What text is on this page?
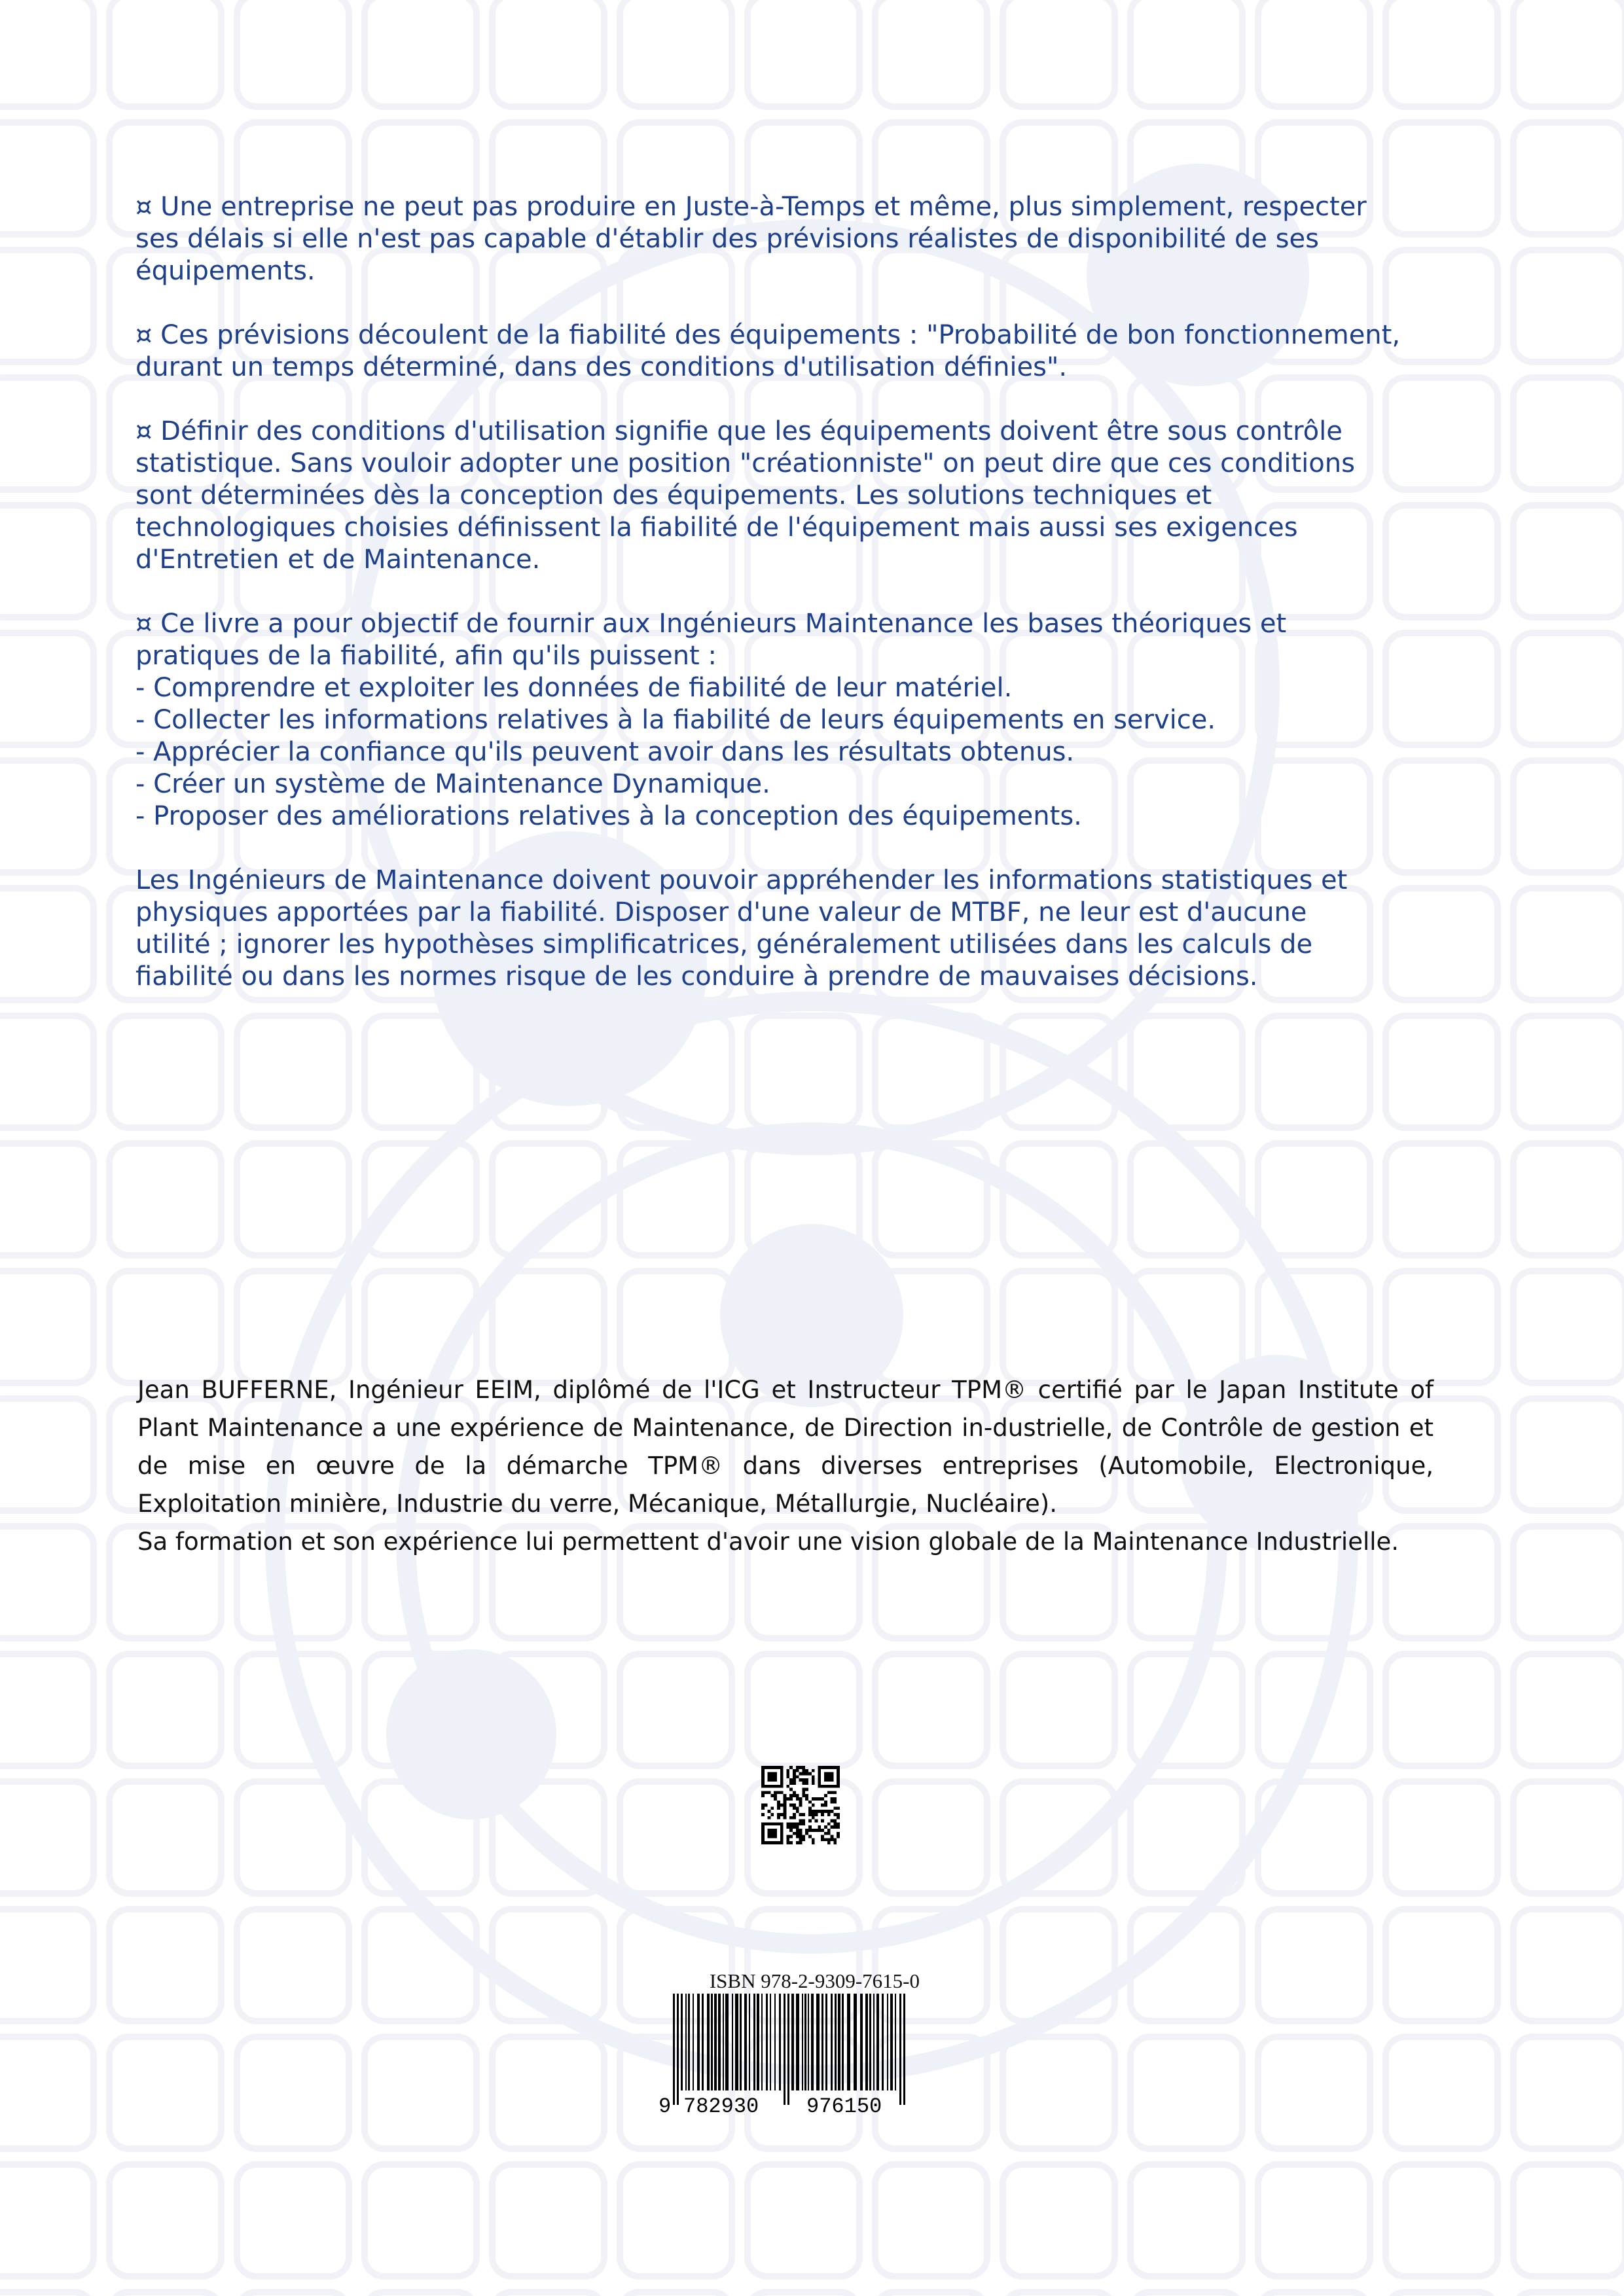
¤ Une entreprise ne peut pas produire en Juste-à-Temps et même, plus simplement, respecter
ses délais si elle n'est pas capable d'établir des prévisions réalistes de disponibilité de ses
équipements.

¤ Ces prévisions découlent de la fiabilité des équipements : "Probabilité de bon fonctionnement,
durant un temps déterminé, dans des conditions d'utilisation définies".

¤ Définir des conditions d'utilisation signifie que les équipements doivent être sous contrôle
statistique. Sans vouloir adopter une position "créationniste" on peut dire que ces conditions
sont déterminées dès la conception des équipements. Les solutions techniques et
technologiques choisies définissent la fiabilité de l'équipement mais aussi ses exigences
d'Entretien et de Maintenance.

¤ Ce livre a pour objectif de fournir aux Ingénieurs Maintenance les bases théoriques et
pratiques de la fiabilité, afin qu'ils puissent :
- Comprendre et exploiter les données de fiabilité de leur matériel.
- Collecter les informations relatives à la fiabilité de leurs équipements en service.
- Apprécier la confiance qu'ils peuvent avoir dans les résultats obtenus.
- Créer un système de Maintenance Dynamique.
- Proposer des améliorations relatives à la conception des équipements.

Les Ingénieurs de Maintenance doivent pouvoir appréhender les informations statistiques et
physiques apportées par la fiabilité. Disposer d'une valeur de MTBF, ne leur est d'aucune
utilité ; ignorer les hypothèses simplificatrices, généralement utilisées dans les calculs de
fiabilité ou dans les normes risque de les conduire à prendre de mauvaises décisions.

Jean BUFFERNE, Ingénieur EEIM, diplômé de l'ICG et Instructeur TPM® certifié par le Japan Institute of Plant Maintenance a une expérience de Maintenance, de Direction in-dustrielle, de Contrôle de gestion et de mise en œuvre de la démarche TPM® dans diverses entreprises (Automobile, Electronique, Exploitation minière, Industrie du verre, Mécanique, Métallurgie, Nucléaire).

Sa formation et son expérience lui permettent d'avoir une vision globale de la Maintenance Industrielle.

ISBN 978-2-9309-7615-0
9 782930 976150
